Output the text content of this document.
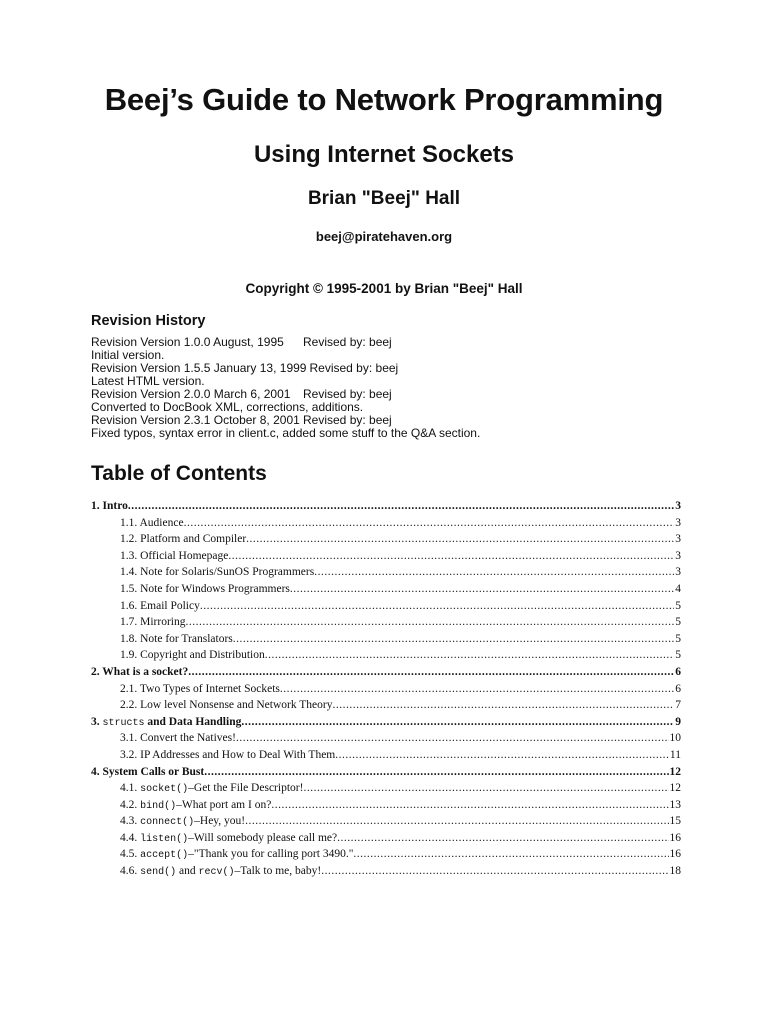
Beej’s Guide to Network Programming
Using Internet Sockets
Brian "Beej" Hall
beej@piratehaven.org
Copyright © 1995-2001 by Brian "Beej" Hall
Revision History
Revision Version 1.0.0 August, 1995	Revised by: beej
Initial version.
Revision Version 1.5.5 January 13, 1999 Revised by: beej
Latest HTML version.
Revision Version 2.0.0 March 6, 2001	Revised by: beej
Converted to DocBook XML, corrections, additions.
Revision Version 2.3.1 October 8, 2001 Revised by: beej
Fixed typos, syntax error in client.c, added some stuff to the Q&A section.
Table of Contents
1. Intro .....	3
1.1. Audience .....	3
1.2. Platform and Compiler .....	3
1.3. Official Homepage .....	3
1.4. Note for Solaris/SunOS Programmers .....	3
1.5. Note for Windows Programmers .....	4
1.6. Email Policy .....	5
1.7. Mirroring .....	5
1.8. Note for Translators .....	5
1.9. Copyright and Distribution .....	5
2. What is a socket? .....	6
2.1. Two Types of Internet Sockets .....	6
2.2. Low level Nonsense and Network Theory .....	7
3. structs and Data Handling .....	9
3.1. Convert the Natives! .....	10
3.2. IP Addresses and How to Deal With Them .....	11
4. System Calls or Bust .....	12
4.1. socket()–Get the File Descriptor! .....	12
4.2. bind()–What port am I on? .....	13
4.3. connect()–Hey, you! .....	15
4.4. listen()–Will somebody please call me? .....	16
4.5. accept()–"Thank you for calling port 3490." .....	16
4.6. send() and recv()–Talk to me, baby! .....	18
